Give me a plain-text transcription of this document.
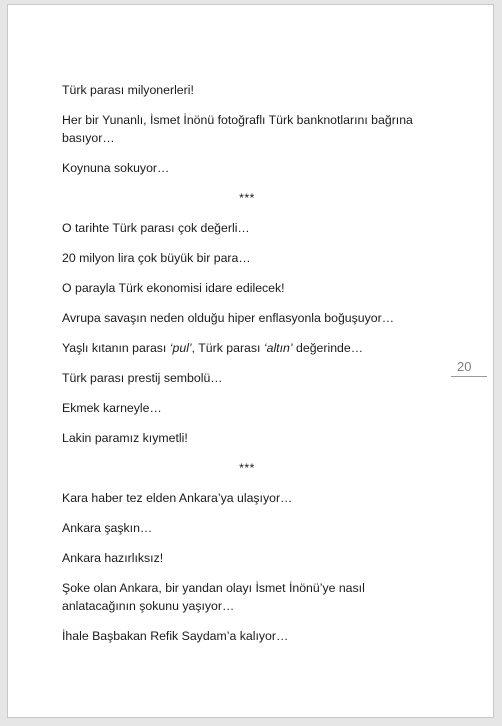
Türk parası milyonerleri!

Her bir Yunanlı, İsmet İnönü fotoğraflı Türk banknotlarını bağrına basıyor…

Koynuna sokuyor…

***

O tarihte Türk parası çok değerli…

20 milyon lira çok büyük bir para…

O parayla Türk ekonomisi idare edilecek!

Avrupa savaşın neden olduğu hiper enflasyonla boğuşuyor…

Yaşlı kıtanın parası ‘pul’, Türk parası ‘altın’ değerinde…

Türk parası prestij sembolü…

Ekmek karneyle…

Lakin paramız kıymetli!

***

Kara haber tez elden Ankara’ya ulaşıyor…

Ankara şaşkın…

Ankara hazırlıksız!

Şoke olan Ankara, bir yandan olayı İsmet İnönü’ye nasıl anlatacağının şokunu yaşıyor…

İhale Başbakan Refik Saydam’a kalıyor…

20
